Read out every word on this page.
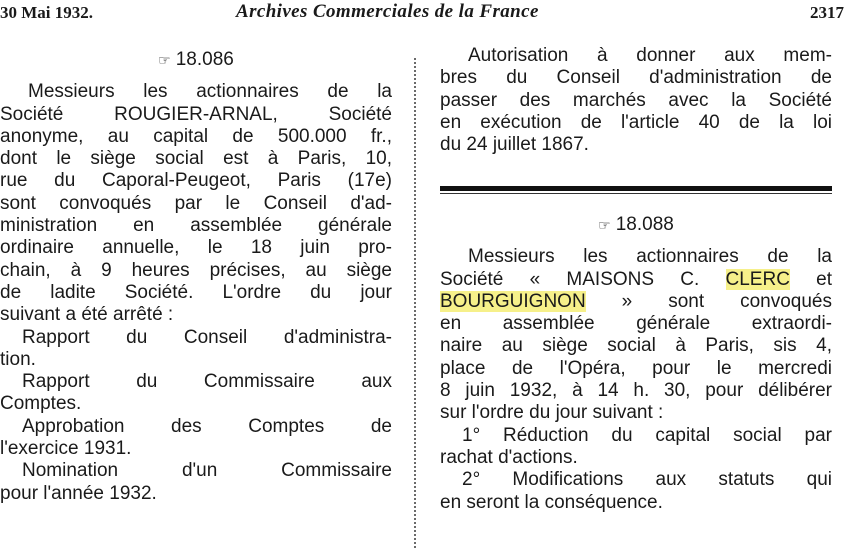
30 Mai 1932.	Archives Commerciales de la France	2317
☞ 18.086
Messieurs les actionnaires de la
Société ROUGIER-ARNAL, Société
anonyme, au capital de 500.000 fr.,
dont le siège social est à Paris, 10,
rue du Caporal-Peugeot, Paris (17e)
sont convoqués par le Conseil d'ad-
ministration en assemblée générale
ordinaire annuelle, le 18 juin pro-
chain, à 9 heures précises, au siège
de ladite Société. L'ordre du jour
suivant a été arrêté :
Rapport du Conseil d'administra-
tion.
Rapport du Commissaire aux
Comptes.
Approbation des Comptes de
l'exercice 1931.
Nomination d'un Commissaire
pour l'année 1932.
Autorisation à donner aux mem-
bres du Conseil d'administration de
passer des marchés avec la Société
en exécution de l'article 40 de la loi
du 24 juillet 1867.
☞ 18.088
Messieurs les actionnaires de la
Société « MAISONS C. CLERC et
BOURGUIGNON » sont convoqués
en assemblée générale extraordi-
naire au siège social à Paris, sis 4,
place de l'Opéra, pour le mercredi
8 juin 1932, à 14 h. 30, pour délibérer
sur l'ordre du jour suivant :
1° Réduction du capital social par
rachat d'actions.
2° Modifications aux statuts qui
en seront la conséquence.
